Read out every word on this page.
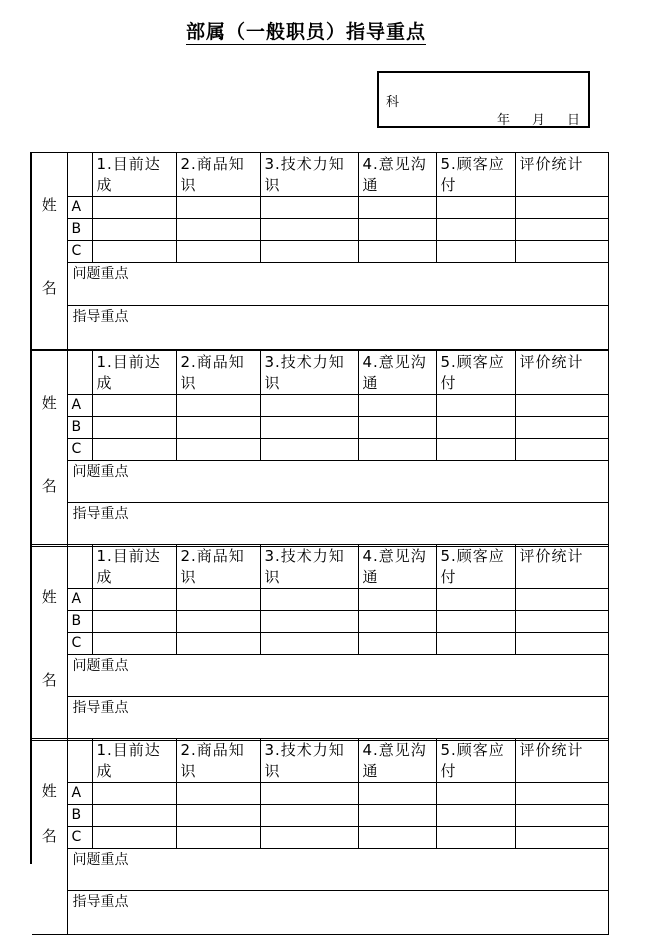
部属（一般职员）指导重点
科
年 月 日
姓
名		1.目前达成	2.商品知识	3.技术力知识	4.意见沟通	5.顾客应付	评价统计
	A						
	B						
	C						
	问题重点						
	指导重点						
姓
名		1.目前达成	2.商品知识	3.技术力知识	4.意见沟通	5.顾客应付	评价统计
	A						
	B						
	C						
	问题重点						
	指导重点						
姓
名		1.目前达成	2.商品知识	3.技术力知识	4.意见沟通	5.顾客应付	评价统计
	A						
	B						
	C						
	问题重点						
	指导重点						
姓
名		1.目前达成	2.商品知识	3.技术力知识	4.意见沟通	5.顾客应付	评价统计
	A						
	B						
	C						
	问题重点						
	指导重点						
